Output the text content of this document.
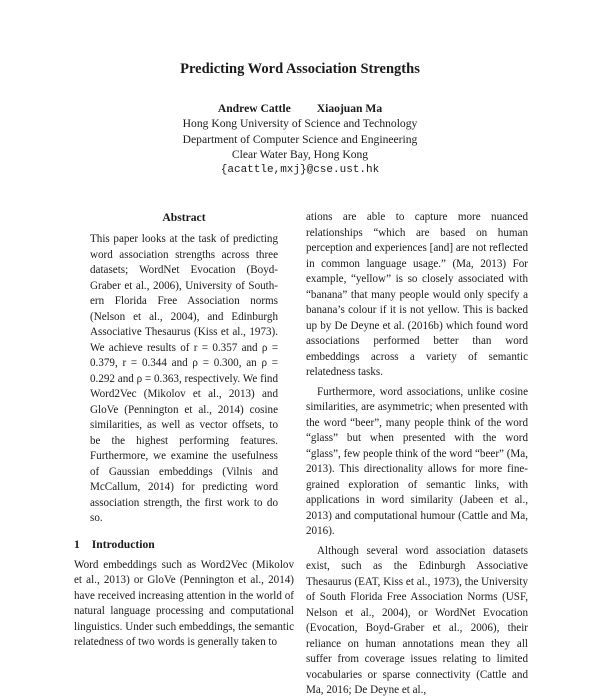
Predicting Word Association Strengths
Andrew Cattle Xiaojuan Ma
Hong Kong University of Science and Technology
Department of Computer Science and Engineering
Clear Water Bay, Hong Kong
{acattle,mxj}@cse.ust.hk
Abstract

This paper looks at the task of predicting word association strengths across three datasets; WordNet Evocation (Boyd-Graber et al., 2006), University of South-ern Florida Free Association norms (Nelson et al., 2004), and Edinburgh Associative Thesaurus (Kiss et al., 1973). We achieve results of r = 0.357 and ρ = 0.379, r = 0.344 and ρ = 0.300, an ρ = 0.292 and ρ = 0.363, respectively. We find Word2Vec (Mikolov et al., 2013) and GloVe (Pennington et al., 2014) cosine similarities, as well as vector offsets, to be the highest performing features. Furthermore, we examine the usefulness of Gaussian embeddings (Vilnis and McCallum, 2014) for predicting word association strength, the first work to do so.

1 Introduction

Word embeddings such as Word2Vec (Mikolov et al., 2013) or GloVe (Pennington et al., 2014) have received increasing attention in the world of natural language processing and computational linguistics. Under such embeddings, the semantic relatedness of two words is generally taken to

ations are able to capture more nuanced relationships “which are based on human perception and experiences [and] are not reflected in common language usage.” (Ma, 2013) For example, “yellow” is so closely associated with “banana” that many people would only specify a banana’s colour if it is not yellow. This is backed up by De Deyne et al. (2016b) which found word associations performed better than word embeddings across a variety of semantic relatedness tasks.

Furthermore, word associations, unlike cosine similarities, are asymmetric; when presented with the word “beer”, many people think of the word “glass” but when presented with the word “glass”, few people think of the word “beer” (Ma, 2013). This directionality allows for more fine-grained exploration of semantic links, with applications in word similarity (Jabeen et al., 2013) and computational humour (Cattle and Ma, 2016).

Although several word association datasets exist, such as the Edinburgh Associative Thesaurus (EAT, Kiss et al., 1973), the University of South Florida Free Association Norms (USF, Nelson et al., 2004), or WordNet Evocation (Evocation, Boyd-Graber et al., 2006), their reliance on human annotations mean they all suffer from coverage issues relating to limited vocabularies or sparse connectivity (Cattle and Ma, 2016; De Deyne et al.,
